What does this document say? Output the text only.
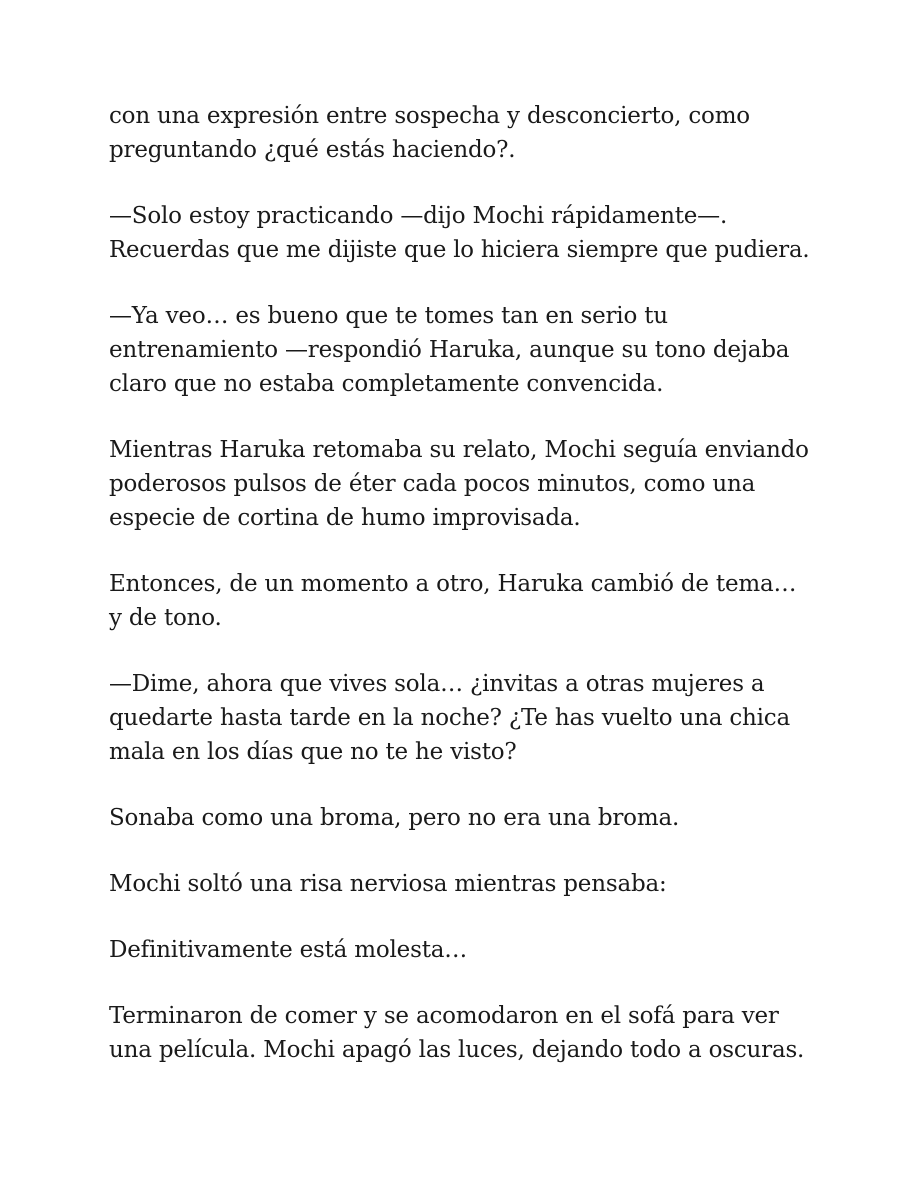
con una expresión entre sospecha y desconcierto, como
preguntando ¿qué estás haciendo?.

—Solo estoy practicando —dijo Mochi rápidamente—.
Recuerdas que me dijiste que lo hiciera siempre que pudiera.

—Ya veo… es bueno que te tomes tan en serio tu
entrenamiento —respondió Haruka, aunque su tono dejaba
claro que no estaba completamente convencida.

Mientras Haruka retomaba su relato, Mochi seguía enviando
poderosos pulsos de éter cada pocos minutos, como una
especie de cortina de humo improvisada.

Entonces, de un momento a otro, Haruka cambió de tema…
y de tono.

—Dime, ahora que vives sola… ¿invitas a otras mujeres a
quedarte hasta tarde en la noche? ¿Te has vuelto una chica
mala en los días que no te he visto?

Sonaba como una broma, pero no era una broma.

Mochi soltó una risa nerviosa mientras pensaba:

Definitivamente está molesta…

Terminaron de comer y se acomodaron en el sofá para ver
una película. Mochi apagó las luces, dejando todo a oscuras.
